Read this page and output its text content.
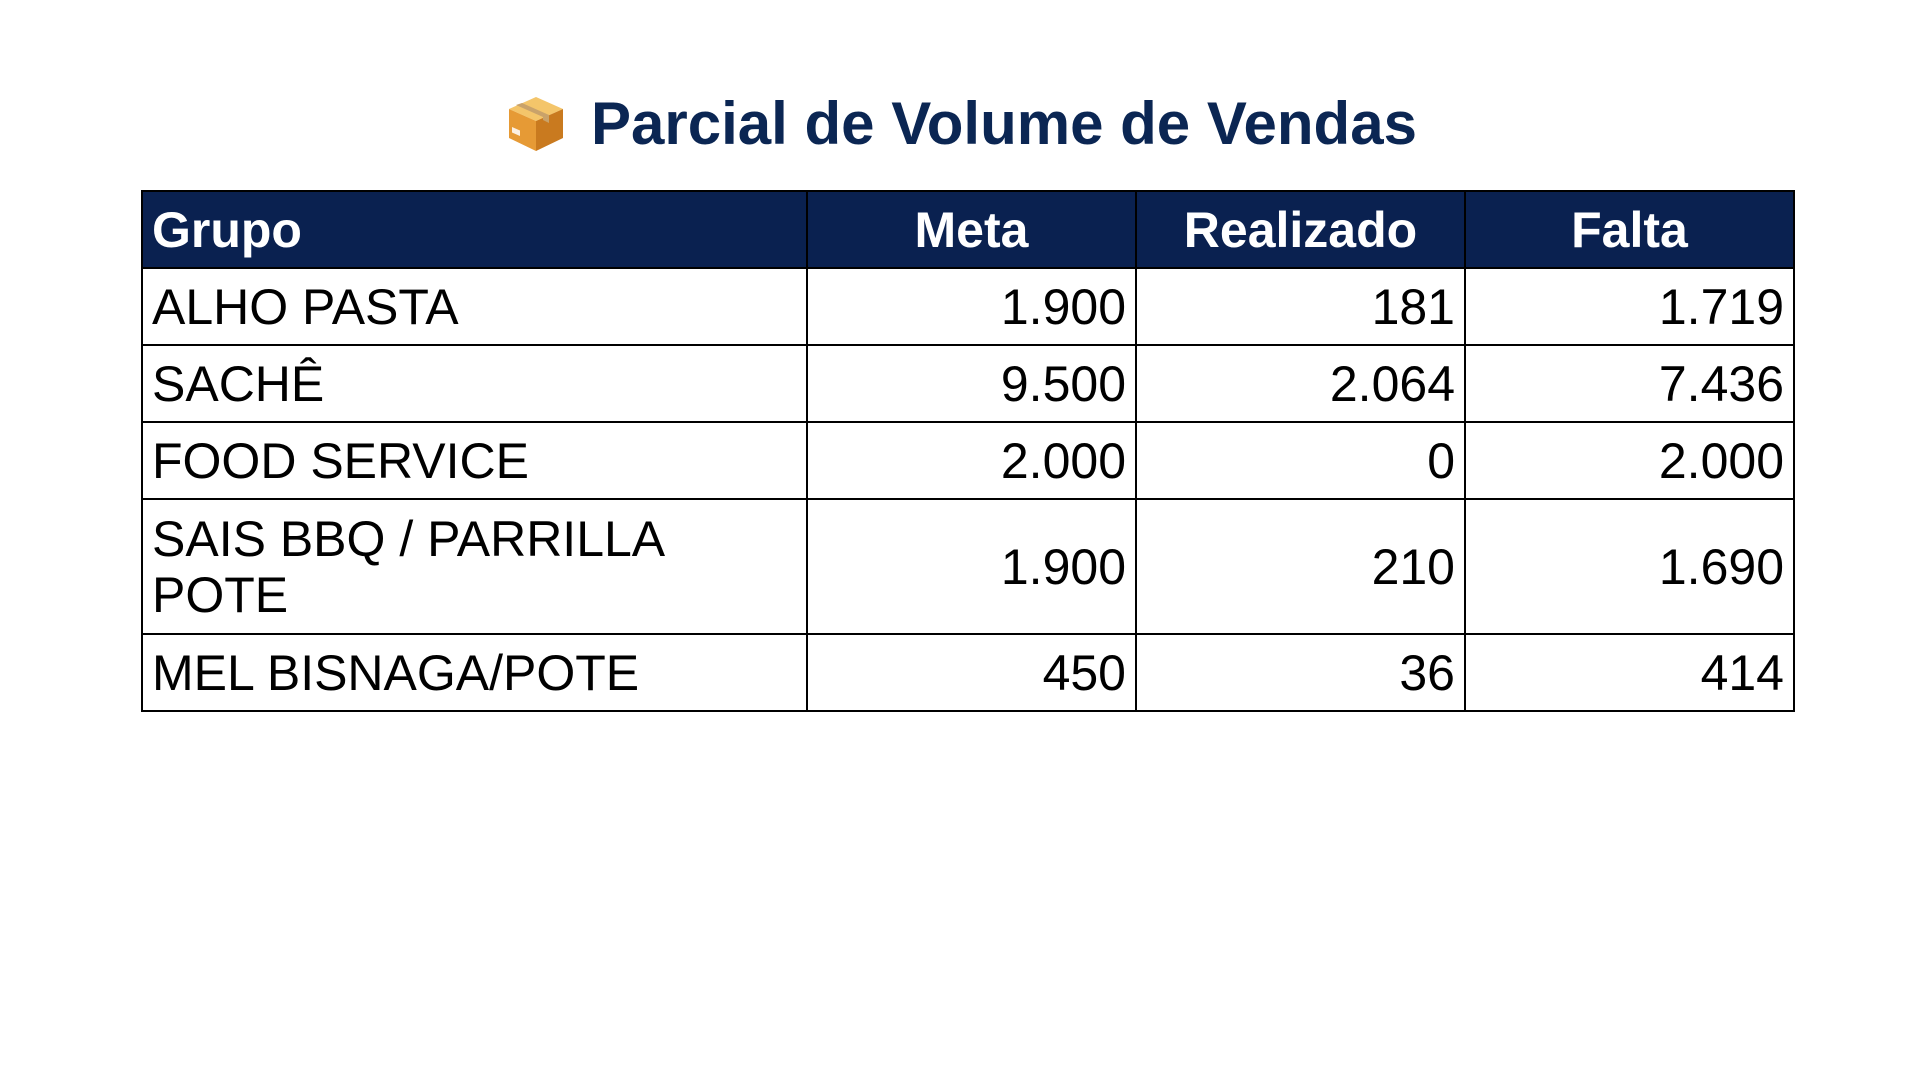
Parcial de Volume de Vendas
Grupo	Meta	Realizado	Falta
ALHO PASTA	1.900	181	1.719
SACHÊ	9.500	2.064	7.436
FOOD SERVICE	2.000	0	2.000
SAIS BBQ / PARRILLA POTE	1.900	210	1.690
MEL BISNAGA/POTE	450	36	414
